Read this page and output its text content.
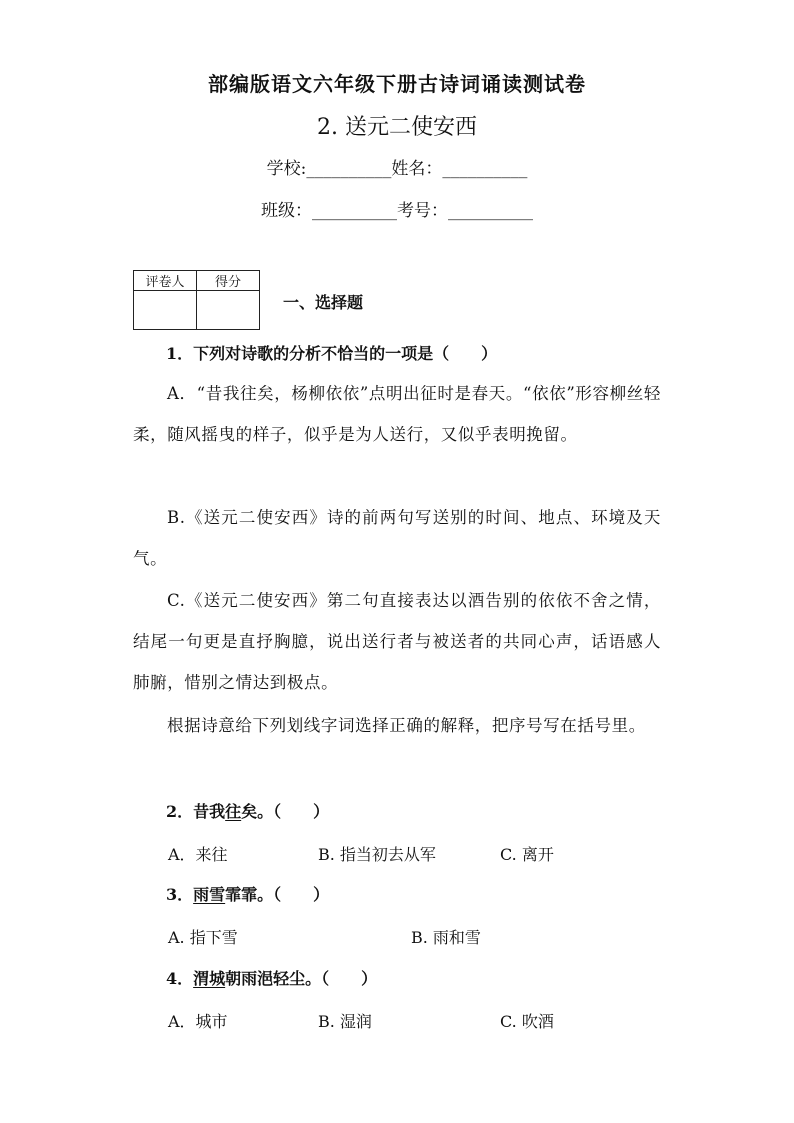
部编版语文六年级下册古诗词诵读测试卷
2. 送元二使安西
学校:__________姓名：__________
班级：__________考号：__________
评卷人	得分

一、选择题
1．下列对诗歌的分析不恰当的一项是（　　）
A．“昔我往矣，杨柳依依”点明出征时是春天。“依依”形容柳丝轻柔，随风摇曳的样子，似乎是为人送行，又似乎表明挽留。
B.《送元二使安西》诗的前两句写送别的时间、地点、环境及天气。
C.《送元二使安西》第二句直接表达以酒告别的依依不舍之情，结尾一句更是直抒胸臆，说出送行者与被送者的共同心声，话语感人肺腑，惜别之情达到极点。
根据诗意给下列划线字词选择正确的解释，把序号写在括号里。
2．昔我往矣。（　　）
A．来往	B. 指当初去从军	C. 离开
3．雨雪霏霏。（　　）
A. 指下雪	B. 雨和雪
4．渭城朝雨浥轻尘。（　　）
A．城市	B. 湿润	C. 吹酒
